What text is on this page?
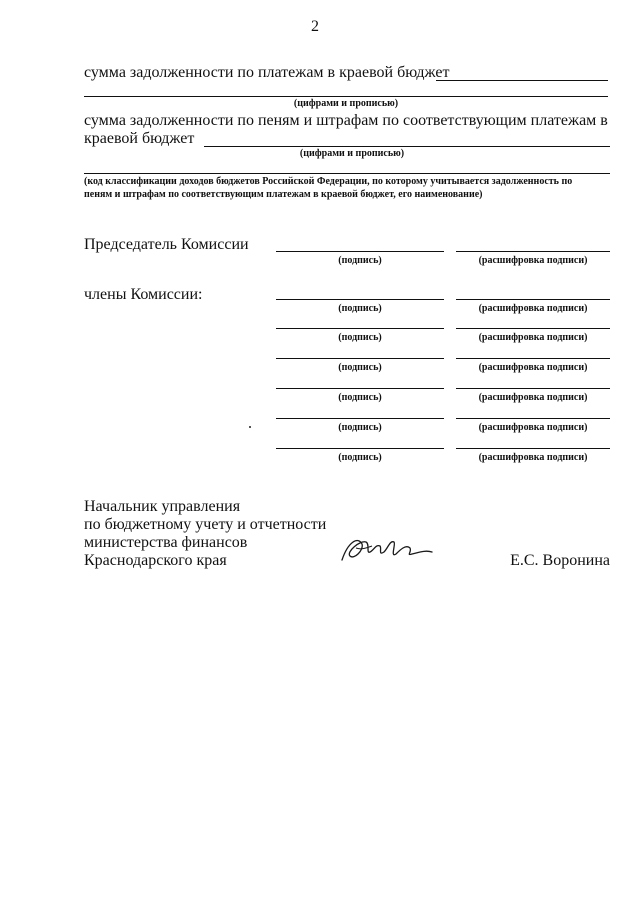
2
сумма задолженности по платежам в краевой бюджет
(цифрами и прописью)
сумма задолженности по пеням и штрафам по соответствующим платежам в
краевой бюджет
(цифрами и прописью)
(код классификации доходов бюджетов Российской Федерации, по которому учитывается задолженность по
пеням и штрафам по соответствующим платежам в краевой бюджет, его наименование)
Председатель Комиссии
(подпись)	(расшифровка подписи)
члены Комиссии:
(подпись)	(расшифровка подписи)
(подпись)	(расшифровка подписи)
(подпись)	(расшифровка подписи)
(подпись)	(расшифровка подписи)
(подпись)	(расшифровка подписи)
(подпись)	(расшифровка подписи)
Начальник управления
по бюджетному учету и отчетности
министерства финансов
Краснодарского края	Е.С. Воронина
